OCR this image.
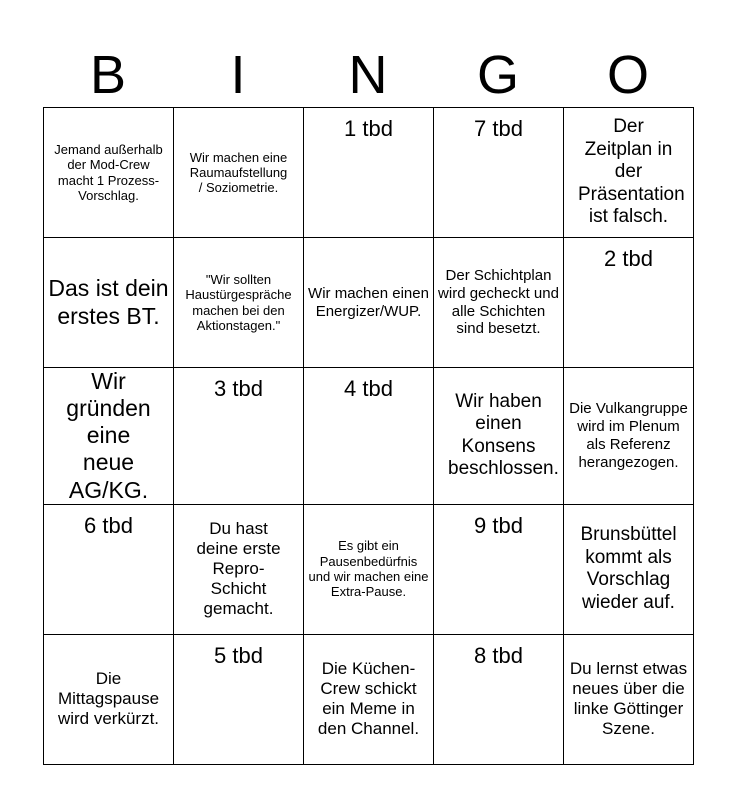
B	I	N	G	O
Jemand außerhalb der Mod-Crew macht 1 Prozess-Vorschlag.	Wir machen eine Raumaufstellung / Soziometrie.	1 tbd	7 tbd	Der Zeitplan in der Präsentation ist falsch.
Das ist dein erstes BT.	"Wir sollten Haustürgespräche machen bei den Aktionstagen."	Wir machen einen Energizer/WUP.	Der Schichtplan wird gecheckt und alle Schichten sind besetzt.	2 tbd
Wir gründen eine neue AG/KG.	3 tbd	4 tbd	Wir haben einen Konsens beschlossen.	Die Vulkangruppe wird im Plenum als Referenz herangezogen.
6 tbd	Du hast deine erste Repro-Schicht gemacht.	Es gibt ein Pausenbedürfnis und wir machen eine Extra-Pause.	9 tbd	Brunsbüttel kommt als Vorschlag wieder auf.
Die Mittagspause wird verkürzt.	5 tbd	Die Küchen-Crew schickt ein Meme in den Channel.	8 tbd	Du lernst etwas neues über die linke Göttinger Szene.
